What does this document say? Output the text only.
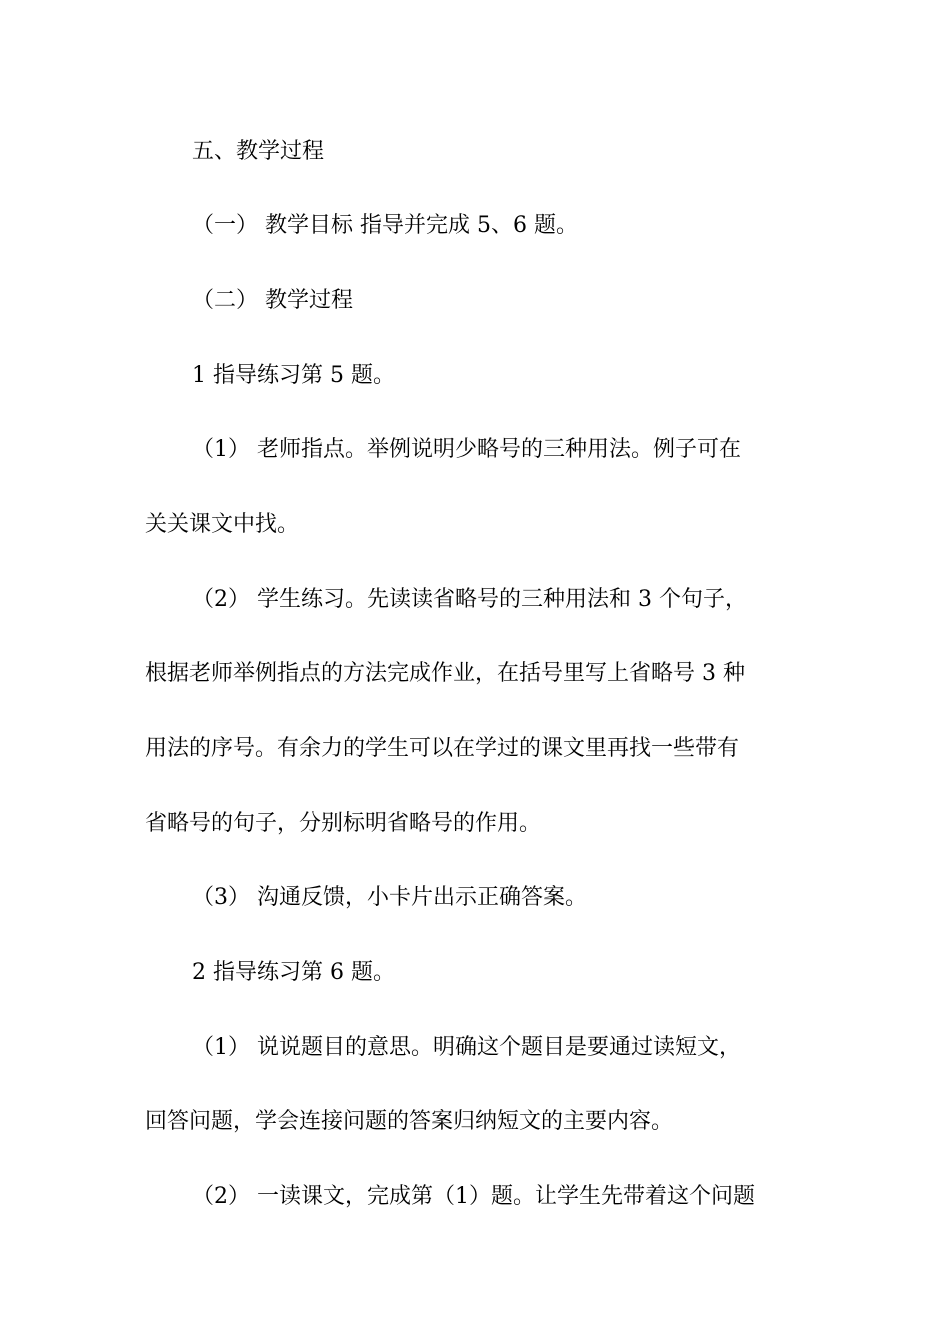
五、教学过程

（一） 教学目标 指导并完成 5、6 题。

（二） 教学过程

1 指导练习第 5 题。

（1） 老师指点。举例说明少略号的三种用法。例子可在

关关课文中找。

（2） 学生练习。先读读省略号的三种用法和 3 个句子，

根据老师举例指点的方法完成作业，在括号里写上省略号 3 种

用法的序号。有余力的学生可以在学过的课文里再找一些带有

省略号的句子，分别标明省略号的作用。

（3） 沟通反馈，小卡片出示正确答案。

2 指导练习第 6 题。

（1） 说说题目的意思。明确这个题目是要通过读短文，

回答问题，学会连接问题的答案归纳短文的主要内容。

（2） 一读课文，完成第（1）题。让学生先带着这个问题
